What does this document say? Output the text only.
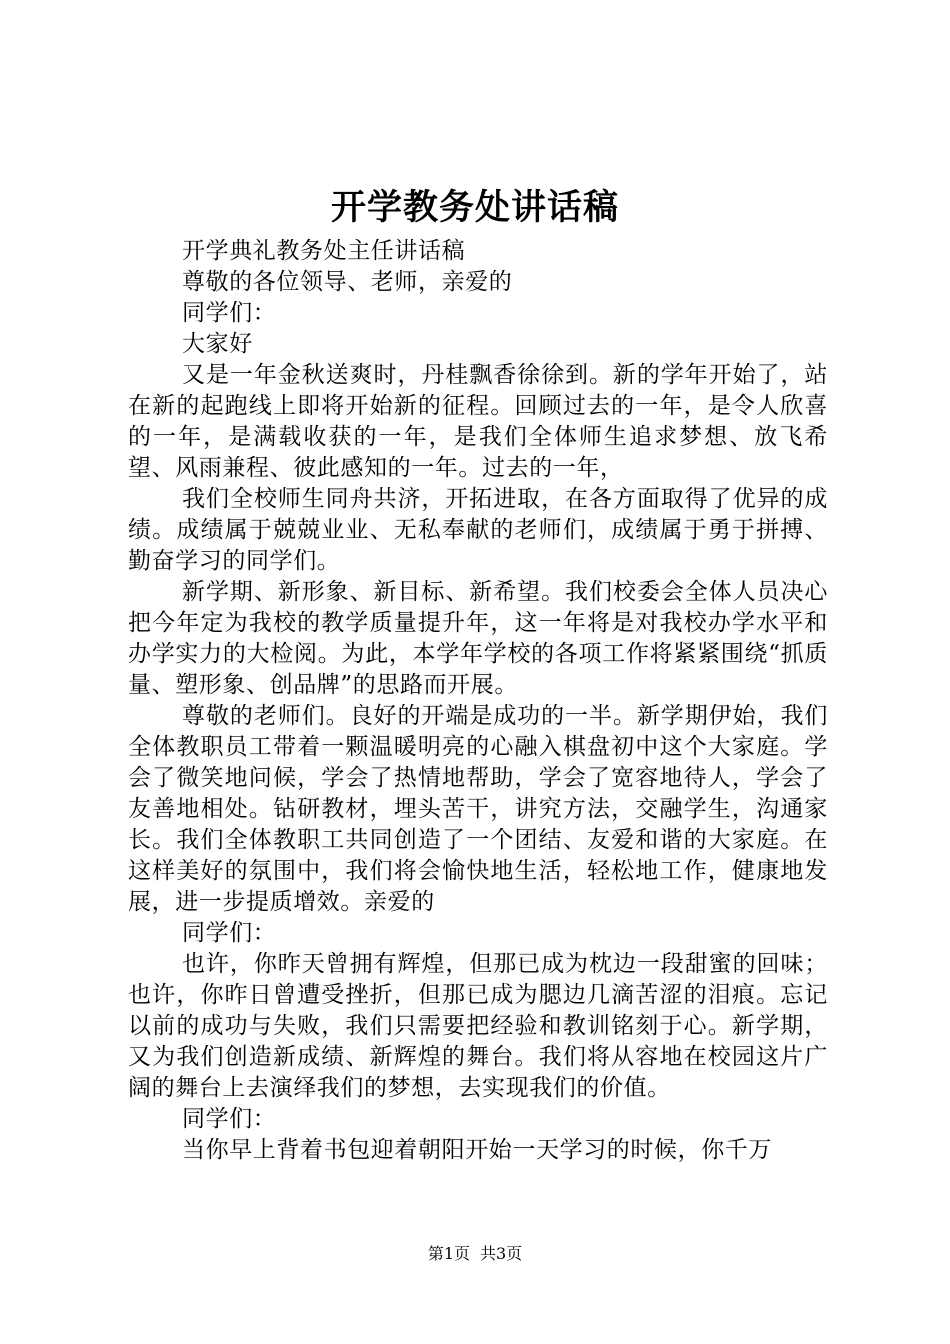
开学教务处讲话稿

开学典礼教务处主任讲话稿

尊敬的各位领导、老师，亲爱的

同学们：

大家好

又是一年金秋送爽时，丹桂飘香徐徐到。新的学年开始了，站在新的起跑线上即将开始新的征程。回顾过去的一年，是令人欣喜的一年，是满载收获的一年，是我们全体师生追求梦想、放飞希望、风雨兼程、彼此感知的一年。过去的一年，

我们全校师生同舟共济，开拓进取，在各方面取得了优异的成绩。成绩属于兢兢业业、无私奉献的老师们，成绩属于勇于拼搏、勤奋学习的同学们。

新学期、新形象、新目标、新希望。我们校委会全体人员决心把今年定为我校的教学质量提升年，这一年将是对我校办学水平和办学实力的大检阅。为此，本学年学校的各项工作将紧紧围绕“抓质量、塑形象、创品牌”的思路而开展。

尊敬的老师们。良好的开端是成功的一半。新学期伊始，我们全体教职员工带着一颗温暖明亮的心融入棋盘初中这个大家庭。学会了微笑地问候，学会了热情地帮助，学会了宽容地待人，学会了友善地相处。钻研教材，埋头苦干，讲究方法，交融学生，沟通家长。我们全体教职工共同创造了一个团结、友爱和谐的大家庭。在这样美好的氛围中，我们将会愉快地生活，轻松地工作，健康地发展，进一步提质增效。亲爱的

同学们：

也许，你昨天曾拥有辉煌，但那已成为枕边一段甜蜜的回味；也许，你昨日曾遭受挫折，但那已成为腮边几滴苦涩的泪痕。忘记以前的成功与失败，我们只需要把经验和教训铭刻于心。新学期，又为我们创造新成绩、新辉煌的舞台。我们将从容地在校园这片广阔的舞台上去演绎我们的梦想，去实现我们的价值。

同学们：

当你早上背着书包迎着朝阳开始一天学习的时候，你千万

第1页 共3页
